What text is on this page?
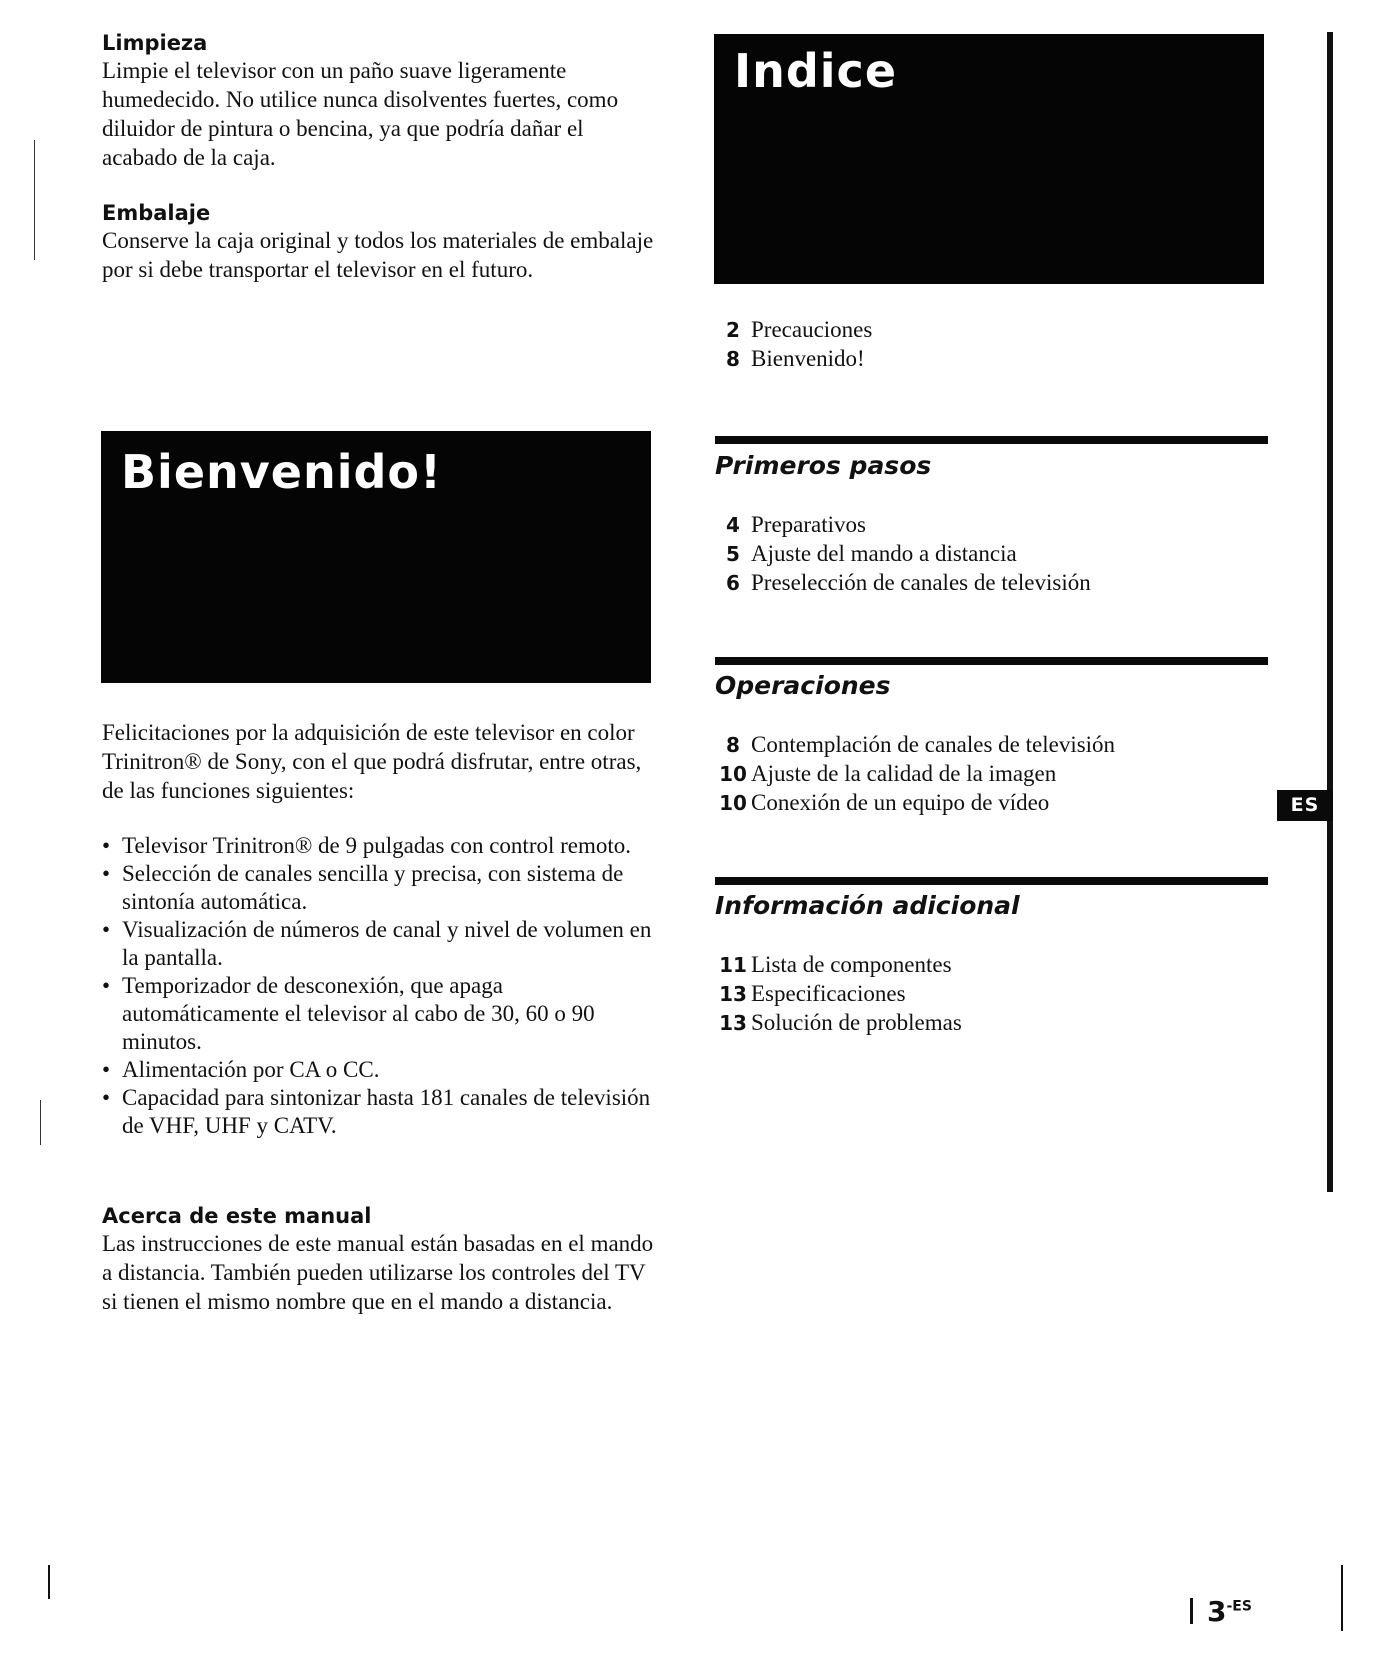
Limpieza

Limpie el televisor con un paño suave ligeramente humedecido. No utilice nunca disolventes fuertes, como diluidor de pintura o bencina, ya que podría dañar el acabado de la caja.

Embalaje

Conserve la caja original y todos los materiales de embalaje por si debe transportar el televisor en el futuro.

Bienvenido!

Felicitaciones por la adquisición de este televisor en color Trinitron® de Sony, con el que podrá disfrutar, entre otras, de las funciones siguientes:

• Televisor Trinitron® de 9 pulgadas con control remoto.
• Selección de canales sencilla y precisa, con sistema de sintonía automática.
• Visualización de números de canal y nivel de volumen en la pantalla.
• Temporizador de desconexión, que apaga automáticamente el televisor al cabo de 30, 60 o 90 minutos.
• Alimentación por CA o CC.
• Capacidad para sintonizar hasta 181 canales de televisión de VHF, UHF y CATV.
Acerca de este manual

Las instrucciones de este manual están basadas en el mando a distancia. También pueden utilizarse los controles del TV si tienen el mismo nombre que en el mando a distancia.

Indice
2 Precauciones
8 Bienvenido!
Primeros pasos
4 Preparativos
5 Ajuste del mando a distancia
6 Preselección de canales de televisión
Operaciones
8 Contemplación de canales de televisión
10 Ajuste de la calidad de la imagen
10 Conexión de un equipo de vídeo
Información adicional
11 Lista de componentes
13 Especificaciones
13 Solución de problemas
ES
$3^{-ES}$
